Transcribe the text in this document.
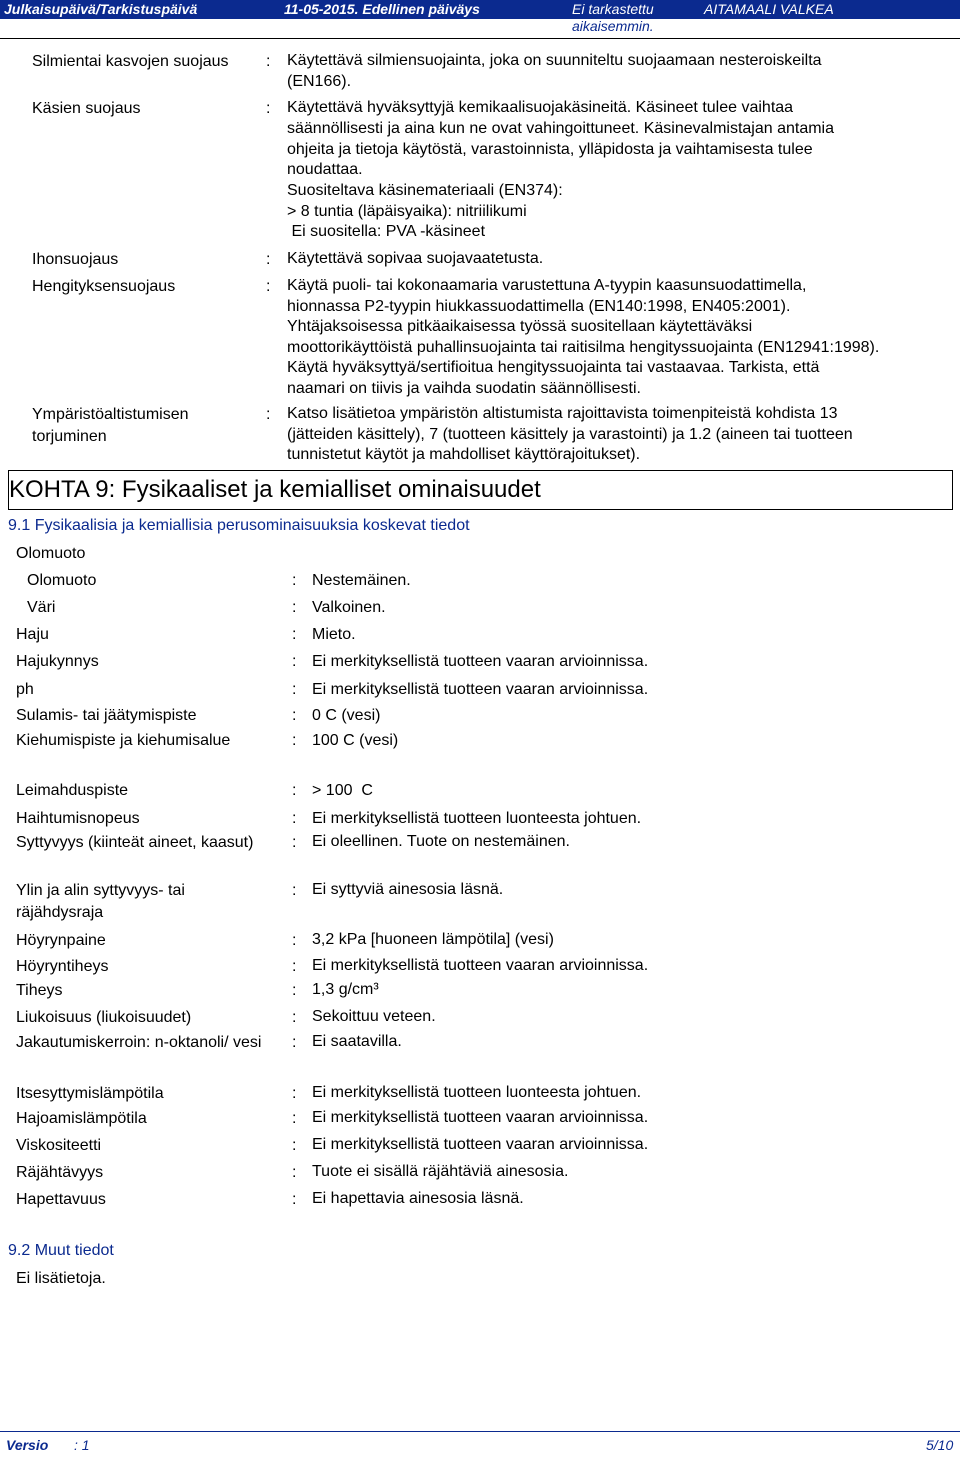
Julkaisupäivä/Tarkistuspäivä	11-05-2015. Edellinen päiväys	Ei tarkastettu
aikaisemmin.
AITAMAALI VALKEA
Silmientai kasvojen suojaus	: Käytettävä silmiensuojainta, joka on suunniteltu suojaamaan nesteroiskeilta
(EN166).
Käsien suojaus	: Käytettävä hyväksyttyjä kemikaalisuojakäsineitä. Käsineet tulee vaihtaa
säännöllisesti ja aina kun ne ovat vahingoittuneet. Käsinevalmistajan antamia
ohjeita ja tietoja käytöstä, varastoinnista, ylläpidosta ja vaihtamisesta tulee
noudattaa.
Suositeltava käsinemateriaali (EN374):
> 8 tuntia (läpäisyaika): nitriilikumi
Ei suositella: PVA -käsineet
Ihonsuojaus	: Käytettävä sopivaa suojavaatetusta.
Hengityksensuojaus	: Käytä puoli- tai kokonaamaria varustettuna A-tyypin kaasunsuodattimella,
hionnassa P2-tyypin hiukkassuodattimella (EN140:1998, EN405:2001).
Yhtäjaksoisessa pitkäaikaisessa työssä suositellaan käytettäväksi
moottorikäyttöistä puhallinsuojainta tai raitisilma hengityssuojainta (EN12941:1998).
Käytä hyväksyttyä/sertifioitua hengityssuojainta tai vastaavaa. Tarkista, että
naamari on tiivis ja vaihda suodatin säännöllisesti.
Ympäristöaltistumisen torjuminen
: Katso lisätietoa ympäristön altistumista rajoittavista toimenpiteistä kohdista 13
(jätteiden käsittely), 7 (tuotteen käsittely ja varastointi) ja 1.2 (aineen tai tuotteen
tunnistetut käytöt ja mahdolliset käyttörajoitukset).
KOHTA 9: Fysikaaliset ja kemialliset ominaisuudet
9.1 Fysikaalisia ja kemiallisia perusominaisuuksia koskevat tiedot
Olomuoto
Olomuoto	: Nestemäinen.
Väri	: Valkoinen.
Haju	: Mieto.
Hajukynnys	: Ei merkityksellistä tuotteen vaaran arvioinnissa.
ph	: Ei merkityksellistä tuotteen vaaran arvioinnissa.
Sulamis- tai jäätymispiste	: 0 C (vesi)
Kiehumispiste ja kiehumisalue	: 100 C (vesi)
Leimahduspiste	: > 100  C
Haihtumisnopeus	: Ei merkityksellistä tuotteen luonteesta johtuen.
Syttyvyys (kiinteät aineet, kaasut) : Ei oleellinen. Tuote on nestemäinen.
Ylin ja alin syttyvyys- tai räjähdysraja
: Ei syttyviä ainesosia läsnä.
Höyrynpaine	: 3,2 kPa [huoneen lämpötila] (vesi)
Höyryntiheys	: Ei merkityksellistä tuotteen vaaran arvioinnissa.
Tiheys	: 1,3 g/cm³
Liukoisuus (liukoisuudet)	: Sekoittuu veteen.
Jakautumiskerroin: n-oktanoli/ vesi : Ei saatavilla.
Itsesyttymislämpötila	: Ei merkityksellistä tuotteen luonteesta johtuen.
Hajoamislämpötila	: Ei merkityksellistä tuotteen vaaran arvioinnissa.
Viskositeetti	: Ei merkityksellistä tuotteen vaaran arvioinnissa.
Räjähtävyys	: Tuote ei sisällä räjähtäviä ainesosia.
Hapettavuus	: Ei hapettavia ainesosia läsnä.
9.2 Muut tiedot
Ei lisätietoja.
Versio : 1	5/10
